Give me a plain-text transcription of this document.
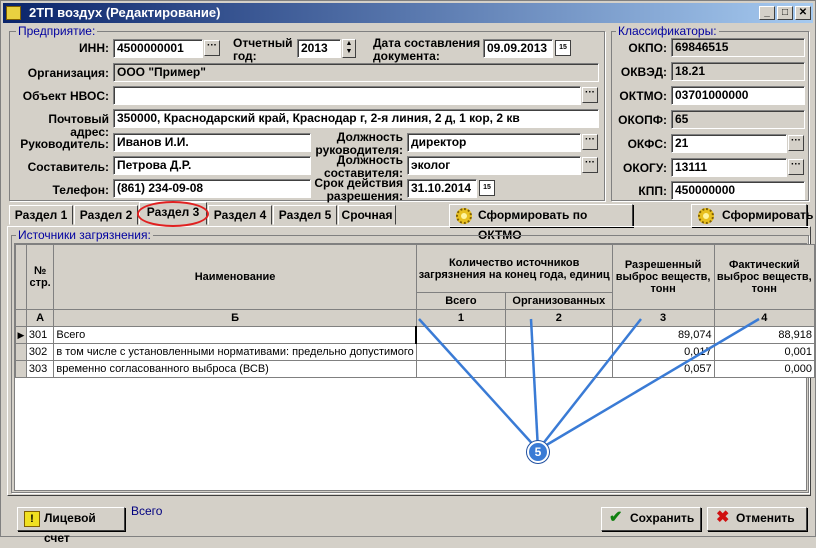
2ТП воздух (Редактирование)	_	□	✕
Предприятие:
ИНН: 4500000001	··· Отчетный год:
2013	▲
▼
Дата составления документа:
09.09.2013	15
Организация: ООО "Пример"
Объект НВОС:	···
Почтовый адрес:
350000, Краснодарский край, Краснодар г, 2-я линия, 2 д, 1 кор, 2 кв
Руководитель: Иванов И.И.	Должность руководителя:
директор	···
Составитель: Петрова Д.Р.	Должность составителя:
эколог	···
Телефон: (861) 234-09-08	Срок действия разрешения:
31.10.2014	15
Классификаторы:
ОКПО: 69846515
ОКВЭД: 18.21
ОКТМО: 03701000000
ОКОПФ: 65
ОКФС: 21	···
ОКОГУ: 13111	···
КПП: 450000000
Раздел 1	Раздел 2	Раздел 3	Раздел 4	Раздел 5 Срочная	Сформировать по ОКТМО
Сформировать
Источники загрязнения:
	№ стр.	Наименование	Количество источников загрязнения на конец года, единиц		Разрешенный выброс веществ, тонн	Фактический выброс веществ, тонн
			Всего	Организованных		
	А	Б	1	2	3	4
▶	301	Всего			89,074	88,918
	302	в том числе с установленными нормативами: предельно допустимого			0,017	0,001
	303	временно согласованного выброса (ВСВ)			0,057	0,000
5
! Лицевой счет
Всего	✔ Сохранить	✖ Отменить
